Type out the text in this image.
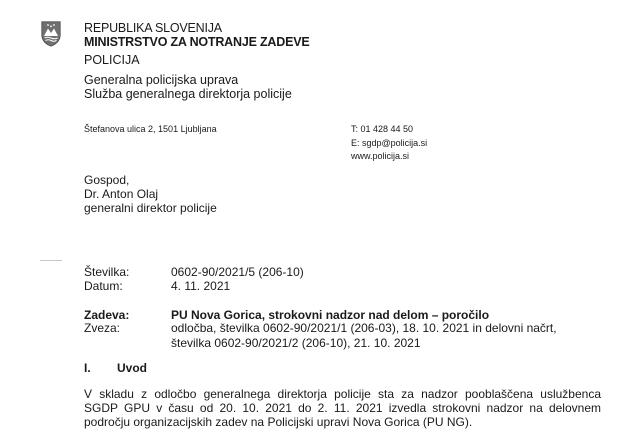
REPUBLIKA SLOVENIJA
MINISTRSTVO ZA NOTRANJE ZADEVE
POLICIJA
Generalna policijska uprava
Služba generalnega direktorja policije
Štefanova ulica 2, 1501 Ljubljana	T: 01 428 44 50
E: sgdp@policija.si
www.policija.si
Gospod,
Dr. Anton Olaj
generalni direktor policije
Številka:	0602-90/2021/5 (206-10)
Datum:	4. 11. 2021
Zadeva:	PU Nova Gorica, strokovni nadzor nad delom – poročilo
Zveza:	odločba, številka 0602-90/2021/1 (206-03), 18. 10. 2021 in delovni načrt,
številka 0602-90/2021/2 (206-10), 21. 10. 2021
I. Uvod
V skladu z odločbo generalnega direktorja policije sta za nadzor pooblaščena uslužbenca
SGDP GPU v času od 20. 10. 2021 do 2. 11. 2021 izvedla strokovni nadzor na delovnem
področju organizacijskih zadev na Policijski upravi Nova Gorica (PU NG).
